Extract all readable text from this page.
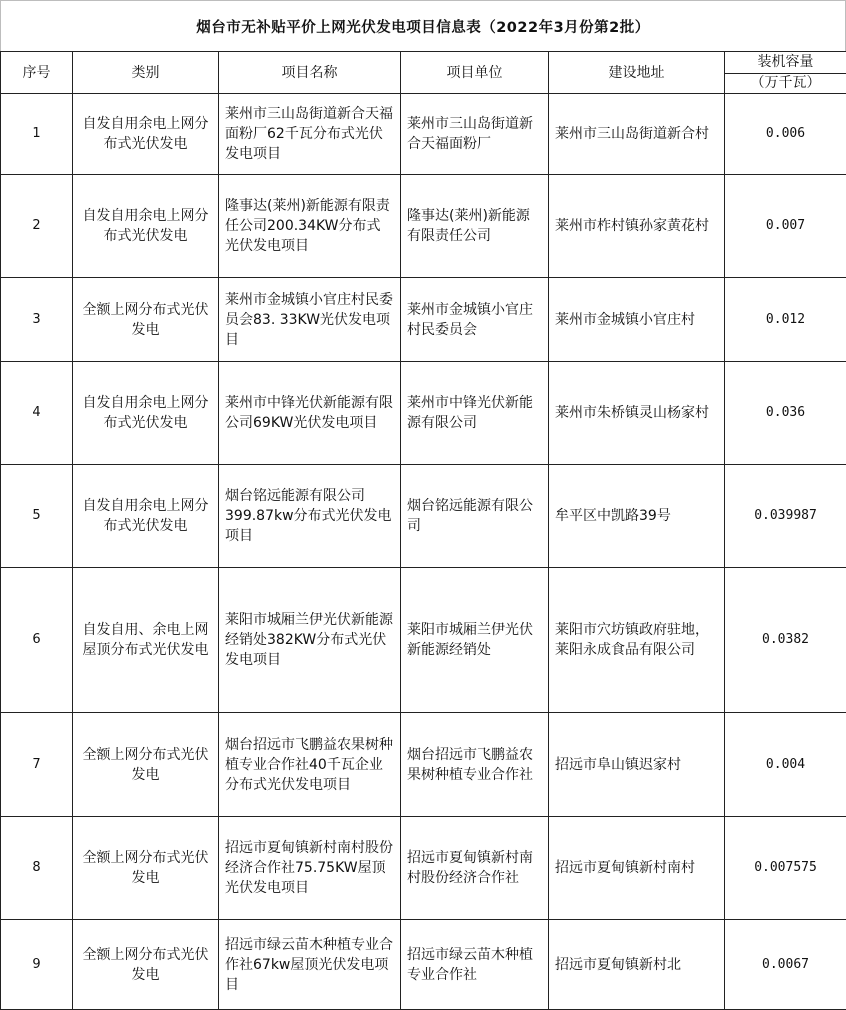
烟台市无补贴平价上网光伏发电项目信息表（2022年3月份第2批）
序号	类别	项目名称	项目单位	建设地址	装机容量
（万千瓦）

1	自发自用余电上网分布式光伏发电	莱州市三山岛街道新合天福面粉厂62千瓦分布式光伏发电项目	莱州市三山岛街道新合天福面粉厂	莱州市三山岛街道新合村	0.006
2	自发自用余电上网分布式光伏发电	隆事达(莱州)新能源有限责任公司200.34KW分布式光伏发电项目	隆事达(莱州)新能源有限责任公司	莱州市柞村镇孙家黄花村	0.007
3	全额上网分布式光伏发电	莱州市金城镇小官庄村民委员会83. 33KW光伏发电项目	莱州市金城镇小官庄村民委员会	莱州市金城镇小官庄村	0.012
4	自发自用余电上网分布式光伏发电	莱州市中锋光伏新能源有限公司69KW光伏发电项目	莱州市中锋光伏新能源有限公司	莱州市朱桥镇灵山杨家村	0.036
5	自发自用余电上网分布式光伏发电	烟台铭远能源有限公司399.87kw分布式光伏发电项目	烟台铭远能源有限公司	牟平区中凯路39号	0.039987
6	自发自用、余电上网屋顶分布式光伏发电	莱阳市城厢兰伊光伏新能源经销处382KW分布式光伏发电项目	莱阳市城厢兰伊光伏新能源经销处	莱阳市穴坊镇政府驻地，莱阳永成食品有限公司	0.0382
7	全额上网分布式光伏发电	烟台招远市飞鹏益农果树种植专业合作社40千瓦企业分布式光伏发电项目	烟台招远市飞鹏益农果树种植专业合作社	招远市阜山镇迟家村	0.004
8	全额上网分布式光伏发电	招远市夏甸镇新村南村股份经济合作社75.75KW屋顶光伏发电项目	招远市夏甸镇新村南村股份经济合作社	招远市夏甸镇新村南村	0.007575
9	全额上网分布式光伏发电	招远市绿云苗木种植专业合作社67kw屋顶光伏发电项目	招远市绿云苗木种植专业合作社	招远市夏甸镇新村北	0.0067
